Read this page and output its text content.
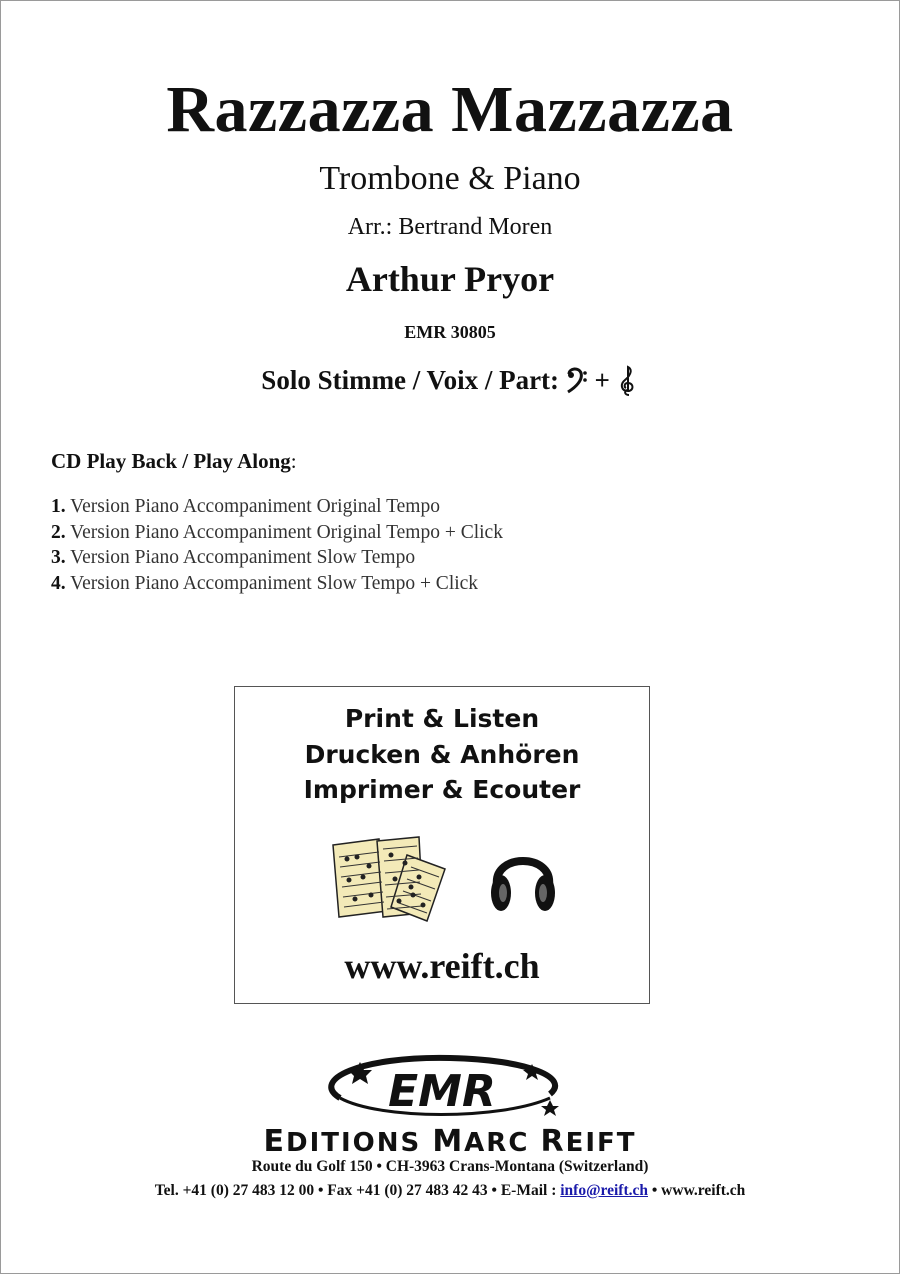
Razzazza Mazzazza
Trombone & Piano
Arr.: Bertrand Moren
Arthur Pryor
EMR 30805
Solo Stimme / Voix / Part: +
CD Play Back / Play Along:
1. Version Piano Accompaniment Original Tempo
2. Version Piano Accompaniment Original Tempo + Click
3. Version Piano Accompaniment Slow Tempo
4. Version Piano Accompaniment Slow Tempo + Click
Print & Listen
Drucken & Anhören
Imprimer & Ecouter
www.reift.ch
EMR
EDITIONS MARC REIFT
Route du Golf 150 • CH-3963 Crans-Montana (Switzerland)
Tel. +41 (0) 27 483 12 00 • Fax +41 (0) 27 483 42 43 • E-Mail : info@reift.ch • www.reift.ch
